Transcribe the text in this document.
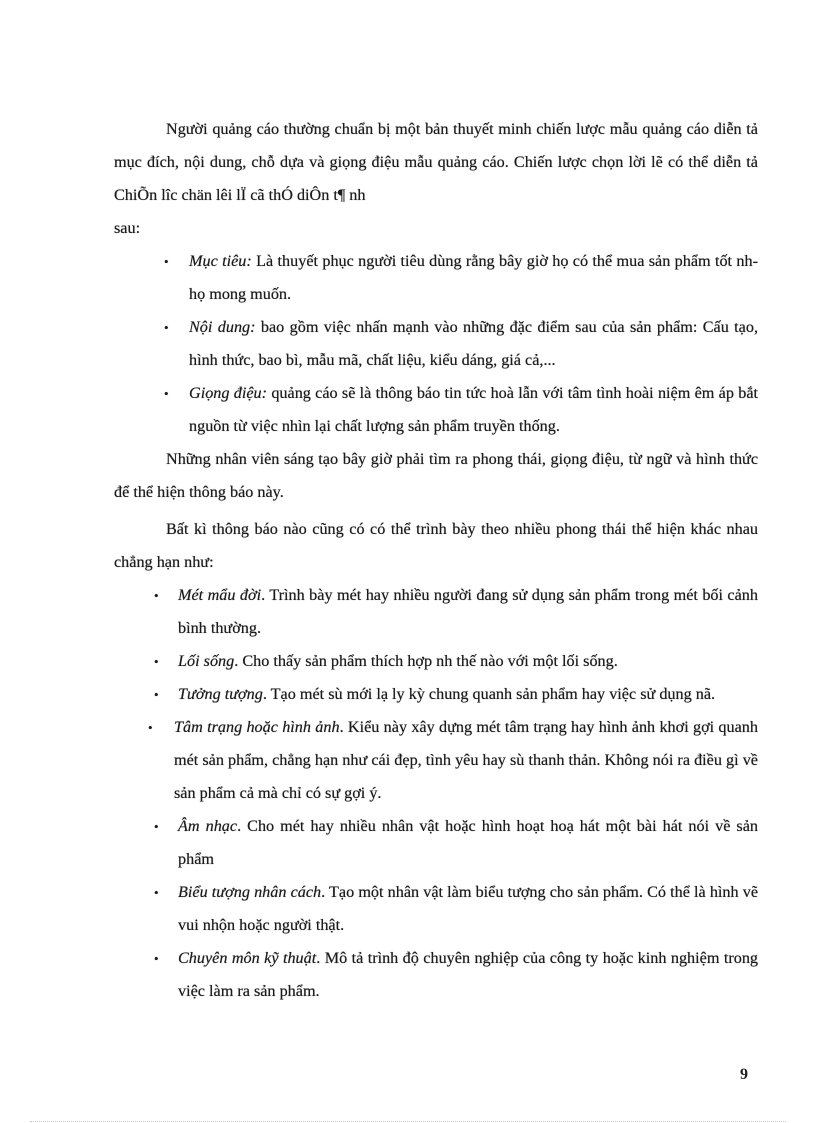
Người quảng cáo thường chuẩn bị một bản thuyết minh chiến lược mẫu quảng cáo diễn tả mục đích, nội dung, chỗ dựa và giọng điệu mẫu quảng cáo. Chiến lược chọn lời lẽ có thể diễn tả ChiÕn lîc chän lêi lÏ cã thÓ diÔn t¶ nh
sau:

• Mục tiêu: Là thuyết phục người tiêu dùng rằng bây giờ họ có thể mua sản phẩm tốt nh họ mong muốn.
• Nội dung: bao gồm việc nhấn mạnh vào những đặc điểm sau của sản phẩm: Cấu tạo, hình thức, bao bì, mẫu mã, chất liệu, kiểu dáng, giá cả,...
• Giọng điệu: quảng cáo sẽ là thông báo tin tức hoà lẫn với tâm tình hoài niệm êm áp bắt nguồn từ việc nhìn lại chất lượng sản phẩm truyền thống.

Những nhân viên sáng tạo bây giờ phải tìm ra phong thái, giọng điệu, từ ngữ và hình thức để thể hiện thông báo này.

Bất kì thông báo nào cũng có có thể trình bày theo nhiều phong thái thể hiện khác nhau chẳng hạn như:

• Mét mẩu đời. Trình bày mét hay nhiều người đang sử dụng sản phẩm trong mét bối cảnh bình thường.
• Lối sống. Cho thấy sản phẩm thích hợp nh thế nào với một lối sống.
• Tưởng tượng. Tạo mét sù mới lạ ly kỳ chung quanh sản phẩm hay việc sử dụng nã.
• Tâm trạng hoặc hình ảnh. Kiểu này xây dựng mét tâm trạng hay hình ảnh khơi gợi quanh mét sản phẩm, chẳng hạn như cái đẹp, tình yêu hay sù thanh thản. Không nói ra điều gì về sản phẩm cả mà chỉ có sự gợi ý.
• Âm nhạc. Cho mét hay nhiều nhân vật hoặc hình hoạt hoạ hát một bài hát nói về sản phẩm
• Biểu tượng nhân cách. Tạo một nhân vật làm biểu tượng cho sản phẩm. Có thể là hình vẽ vui nhộn hoặc người thật.
• Chuyên môn kỹ thuật. Mô tả trình độ chuyên nghiệp của công ty hoặc kinh nghiệm trong việc làm ra sản phẩm.
9
